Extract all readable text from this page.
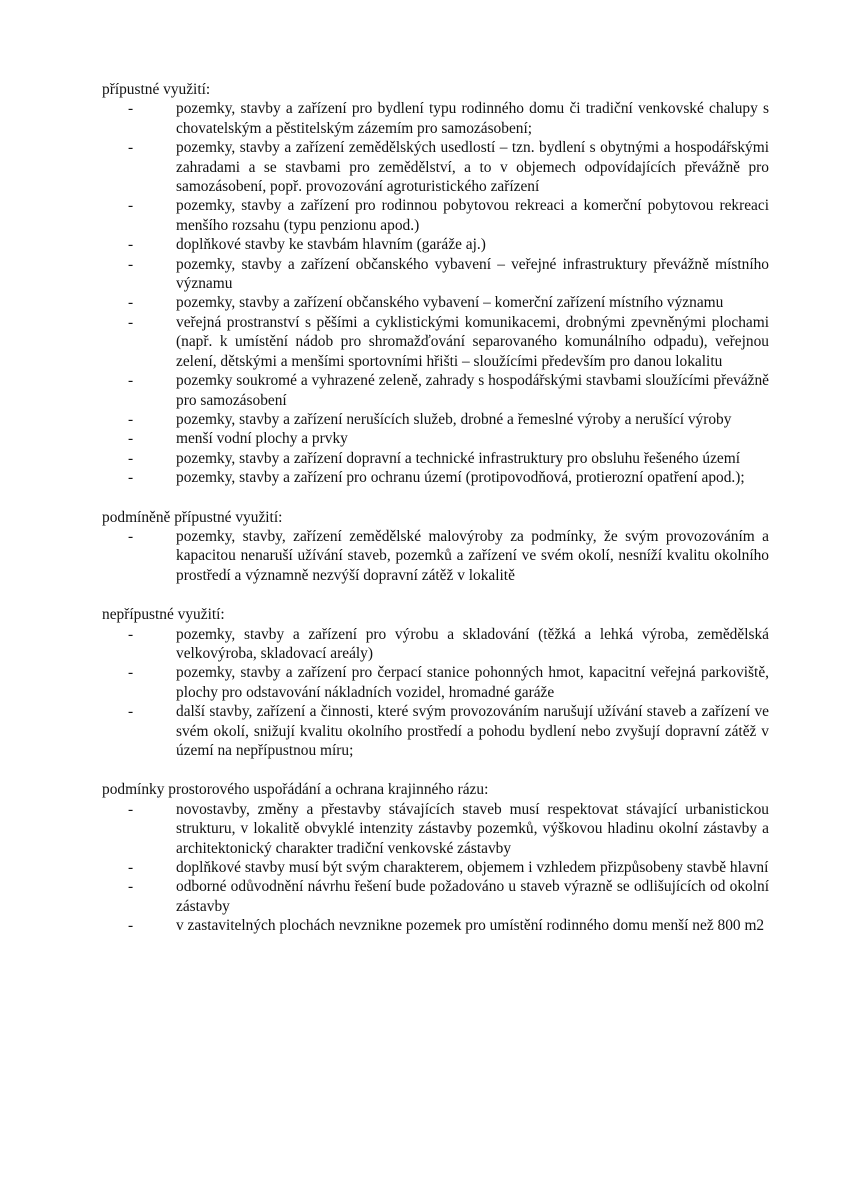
přípustné využití:

-	pozemky, stavby a zařízení pro bydlení typu rodinného domu či tradiční venkovské chalupy s chovatelským a pěstitelským zázemím pro samozásobení;
-	pozemky, stavby a zařízení zemědělských usedlostí – tzn. bydlení s obytnými a hospodářskými zahradami a se stavbami pro zemědělství, a to v objemech odpovídajících převážně pro samozásobení, popř. provozování agroturistického zařízení
-	pozemky, stavby a zařízení pro rodinnou pobytovou rekreaci a komerční pobytovou rekreaci menšího rozsahu (typu penzionu apod.)
-	doplňkové stavby ke stavbám hlavním (garáže aj.)
-	pozemky, stavby a zařízení občanského vybavení – veřejné infrastruktury převážně místního významu
-	pozemky, stavby a zařízení občanského vybavení – komerční zařízení místního významu
-	veřejná prostranství s pěšími a cyklistickými komunikacemi, drobnými zpevněnými plochami (např. k umístění nádob pro shromažďování separovaného komunálního odpadu), veřejnou zelení, dětskými a menšími sportovními hřišti – sloužícími především pro danou lokalitu
-	pozemky soukromé a vyhrazené zeleně, zahrady s hospodářskými stavbami sloužícími převážně pro samozásobení
-	pozemky, stavby a zařízení nerušících služeb, drobné a řemeslné výroby a nerušící výroby
-	menší vodní plochy a prvky
-	pozemky, stavby a zařízení dopravní a technické infrastruktury pro obsluhu řešeného území
-	pozemky, stavby a zařízení pro ochranu území (protipovodňová, protierozní opatření apod.);

podmíněně přípustné využití:

-	pozemky, stavby, zařízení zemědělské malovýroby za podmínky, že svým provozováním a kapacitou nenaruší užívání staveb, pozemků a zařízení ve svém okolí, nesníží kvalitu okolního prostředí a významně nezvýší dopravní zátěž v lokalitě

nepřípustné využití:

-	pozemky, stavby a zařízení pro výrobu a skladování (těžká a lehká výroba, zemědělská velkovýroba, skladovací areály)
-	pozemky, stavby a zařízení pro čerpací stanice pohonných hmot, kapacitní veřejná parkoviště, plochy pro odstavování nákladních vozidel, hromadné garáže
-	další stavby, zařízení a činnosti, které svým provozováním narušují užívání staveb a zařízení ve svém okolí, snižují kvalitu okolního prostředí a pohodu bydlení nebo zvyšují dopravní zátěž v území na nepřípustnou míru;

podmínky prostorového uspořádání a ochrana krajinného rázu:

-	novostavby, změny a přestavby stávajících staveb musí respektovat stávající urbanistickou strukturu, v lokalitě obvyklé intenzity zástavby pozemků, výškovou hladinu okolní zástavby a architektonický charakter tradiční venkovské zástavby
-	doplňkové stavby musí být svým charakterem, objemem i vzhledem přizpůsobeny stavbě hlavní
-	odborné odůvodnění návrhu řešení bude požadováno u staveb výrazně se odlišujících od okolní zástavby
-	v zastavitelných plochách nevznikne pozemek pro umístění rodinného domu menší než 800 m2
